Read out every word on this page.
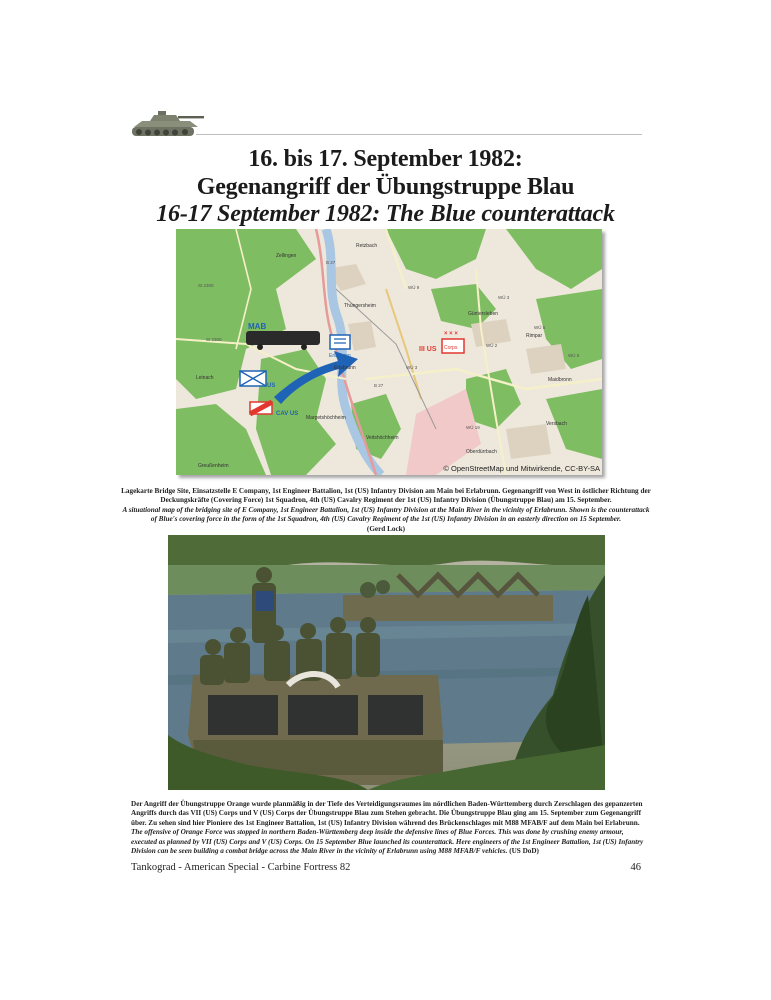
16. bis 17. September 1982:
Gegenangriff der Übungstruppe Blau
16-17 September 1982: The Blue counterattack
MAB
Erlabrunn
US
CAV US
Corps
× × ×
III US
Zellingen
Retzbach
Thüngersheim
Güntersleben
Rimpar
Maidbronn
Versbach
Oberdürrbach
Margetshöchheim
Erlabrunn
Leinach
Greußenheim
Veitshöchheim
B 27
B 27
WÜ 2
WÜ 3
WÜ 3
WÜ 5
WÜ 5
St 2300
St 2300
WÜ 19
WÜ 9
© OpenStreetMap und Mitwirkende, CC-BY-SA
Lagekarte Bridge Site, Einsatzstelle E Company, 1st Engineer Battalion, 1st (US) Infantry Division am Main bei Erlabrunn. Gegenangriff von West in östlicher Richtung der Deckungskräfte (Covering Force) 1st Squadron, 4th (US) Cavalry Regiment der 1st (US) Infantry Division (Übungstruppe Blau) am 15. September.
A situational map of the bridging site of E Company, 1st Engineer Battalion, 1st (US) Infantry Division at the Main River in the vicinity of Erlabrunn. Shown is the counterattack of Blue's covering force in the form of the 1st Squadron, 4th (US) Cavalry Regiment of the 1st (US) Infantry Division in an easterly direction on 15 September.
(Gerd Lock)
Der Angriff der Übungstruppe Orange wurde planmäßig in der Tiefe des Verteidigungsraumes im nördlichen Baden-Württemberg durch Zerschlagen des gepanzerten Angriffs durch das VII (US) Corps und V (US) Corps der Übungstruppe Blau zum Stehen gebracht. Die Übungstruppe Blau ging am 15. September zum Gegenangriff über. Zu sehen sind hier Pioniere des 1st Engineer Battalion, 1st (US) Infantry Division während des Brückenschlages mit M88 MFAB/F auf dem Main bei Erlabrunn.
The offensive of Orange Force was stopped in northern Baden-Württemberg deep inside the defensive lines of Blue Forces. This was done by crushing enemy armour, executed as planned by VII (US) Corps and V (US) Corps. On 15 September Blue launched its counterattack. Here engineers of the 1st Engineer Battalion, 1st (US) Infantry Division can be seen building a combat bridge across the Main River in the vicinity of Erlabrunn using M88 MFAB/F vehicles. (US DoD)
Tankograd - American Special - Carbine Fortress 82	46
